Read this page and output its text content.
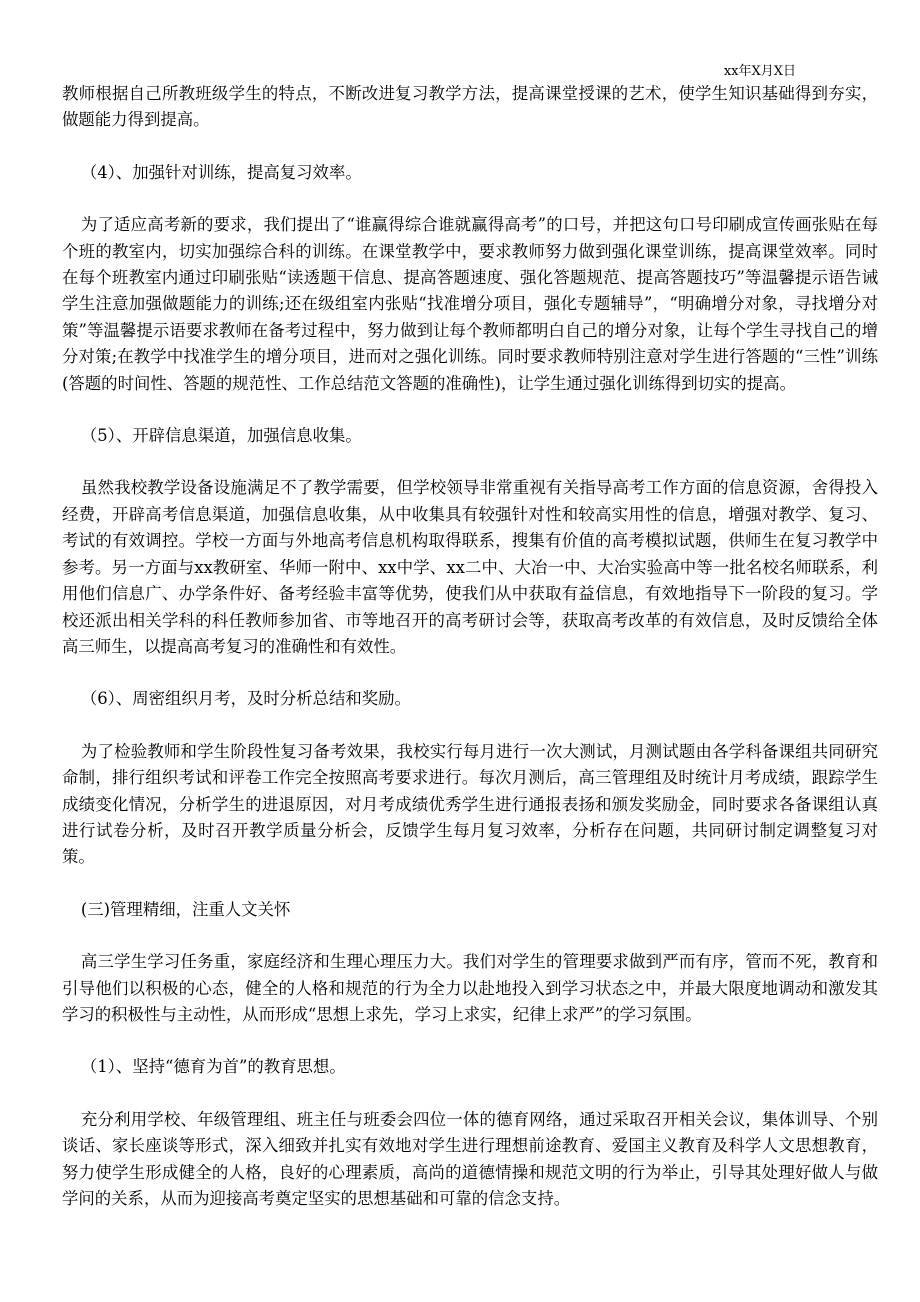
xx年X月X日

教师根据自己所教班级学生的特点，不断改进复习教学方法，提高课堂授课的艺术，使学生知识基础得到夯实，做题能力得到提高。

（4）、加强针对训练，提高复习效率。

为了适应高考新的要求，我们提出了“谁赢得综合谁就赢得高考”的口号，并把这句口号印刷成宣传画张贴在每个班的教室内，切实加强综合科的训练。在课堂教学中，要求教师努力做到强化课堂训练，提高课堂效率。同时在每个班教室内通过印刷张贴“读透题干信息、提高答题速度、强化答题规范、提高答题技巧”等温馨提示语告诫学生注意加强做题能力的训练;还在级组室内张贴“找准增分项目，强化专题辅导”，“明确增分对象，寻找增分对策”等温馨提示语要求教师在备考过程中，努力做到让每个教师都明白自己的增分对象，让每个学生寻找自己的增分对策;在教学中找准学生的增分项目，进而对之强化训练。同时要求教师特别注意对学生进行答题的“三性”训练(答题的时间性、答题的规范性、工作总结范文答题的准确性)，让学生通过强化训练得到切实的提高。

（5）、开辟信息渠道，加强信息收集。

虽然我校教学设备设施满足不了教学需要，但学校领导非常重视有关指导高考工作方面的信息资源，舍得投入经费，开辟高考信息渠道，加强信息收集，从中收集具有较强针对性和较高实用性的信息，增强对教学、复习、考试的有效调控。学校一方面与外地高考信息机构取得联系，搜集有价值的高考模拟试题，供师生在复习教学中参考。另一方面与xx教研室、华师一附中、xx中学、xx二中、大冶一中、大冶实验高中等一批名校名师联系，利用他们信息广、办学条件好、备考经验丰富等优势，使我们从中获取有益信息，有效地指导下一阶段的复习。学校还派出相关学科的科任教师参加省、市等地召开的高考研讨会等，获取高考改革的有效信息，及时反馈给全体高三师生，以提高高考复习的准确性和有效性。

（6）、周密组织月考，及时分析总结和奖励。

为了检验教师和学生阶段性复习备考效果，我校实行每月进行一次大测试，月测试题由各学科备课组共同研究命制，排行组织考试和评卷工作完全按照高考要求进行。每次月测后，高三管理组及时统计月考成绩，跟踪学生成绩变化情况，分析学生的进退原因，对月考成绩优秀学生进行通报表扬和颁发奖励金，同时要求各备课组认真进行试卷分析，及时召开教学质量分析会，反馈学生每月复习效率，分析存在问题，共同研讨制定调整复习对策。

(三)管理精细，注重人文关怀

高三学生学习任务重，家庭经济和生理心理压力大。我们对学生的管理要求做到严而有序，管而不死，教育和引导他们以积极的心态，健全的人格和规范的行为全力以赴地投入到学习状态之中，并最大限度地调动和激发其学习的积极性与主动性，从而形成“思想上求先，学习上求实，纪律上求严”的学习氛围。

（1）、坚持“德育为首”的教育思想。

充分利用学校、年级管理组、班主任与班委会四位一体的德育网络，通过采取召开相关会议，集体训导、个别谈话、家长座谈等形式，深入细致并扎实有效地对学生进行理想前途教育、爱国主义教育及科学人文思想教育，努力使学生形成健全的人格，良好的心理素质，高尚的道德情操和规范文明的行为举止，引导其处理好做人与做学问的关系，从而为迎接高考奠定坚实的思想基础和可靠的信念支持。
